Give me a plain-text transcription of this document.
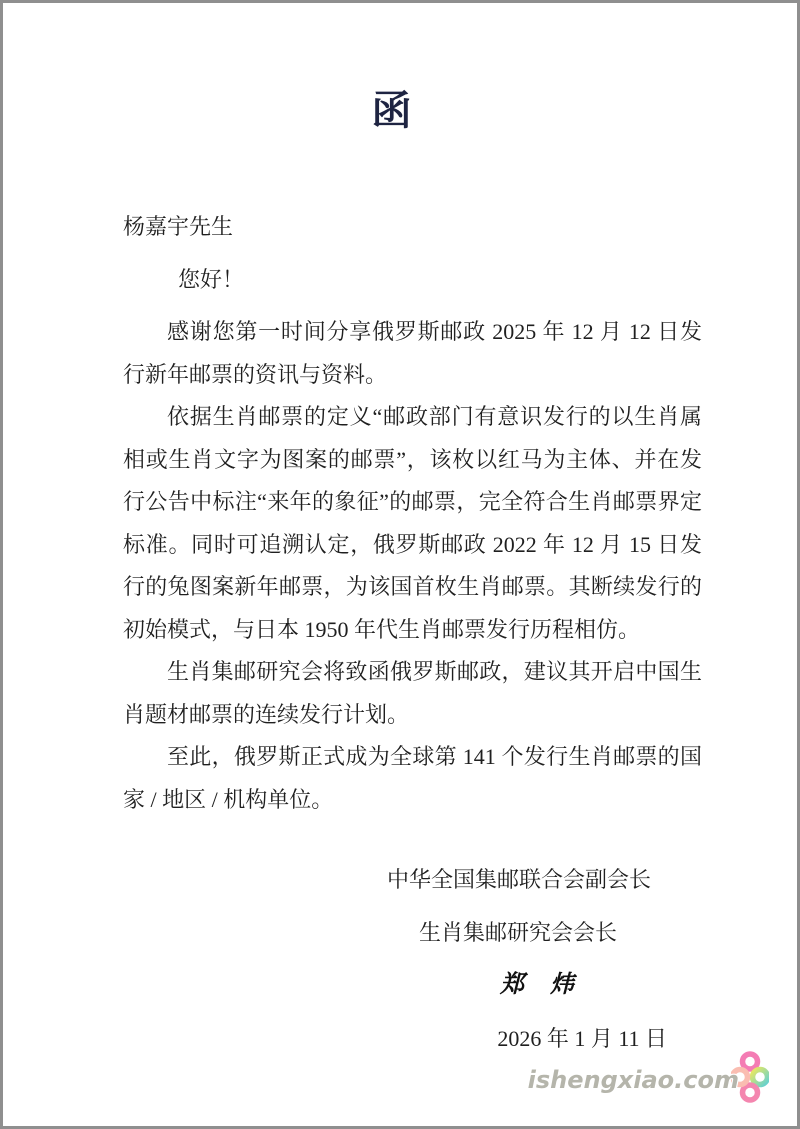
函
杨嘉宇先生
您好！

感谢您第一时间分享俄罗斯邮政 2025 年 12 月 12 日发行新年邮票的资讯与资料。

依据生肖邮票的定义“邮政部门有意识发行的以生肖属相或生肖文字为图案的邮票”，该枚以红马为主体、并在发行公告中标注“来年的象征”的邮票，完全符合生肖邮票界定标准。同时可追溯认定，俄罗斯邮政 2022 年 12 月 15 日发行的兔图案新年邮票，为该国首枚生肖邮票。其断续发行的初始模式，与日本 1950 年代生肖邮票发行历程相仿。

生肖集邮研究会将致函俄罗斯邮政，建议其开启中国生肖题材邮票的连续发行计划。

至此，俄罗斯正式成为全球第 141 个发行生肖邮票的国家 / 地区 / 机构单位。

中华全国集邮联合会副会长
生肖集邮研究会会长
郑 炜
2026 年 1 月 11 日
ishengxiao.com
